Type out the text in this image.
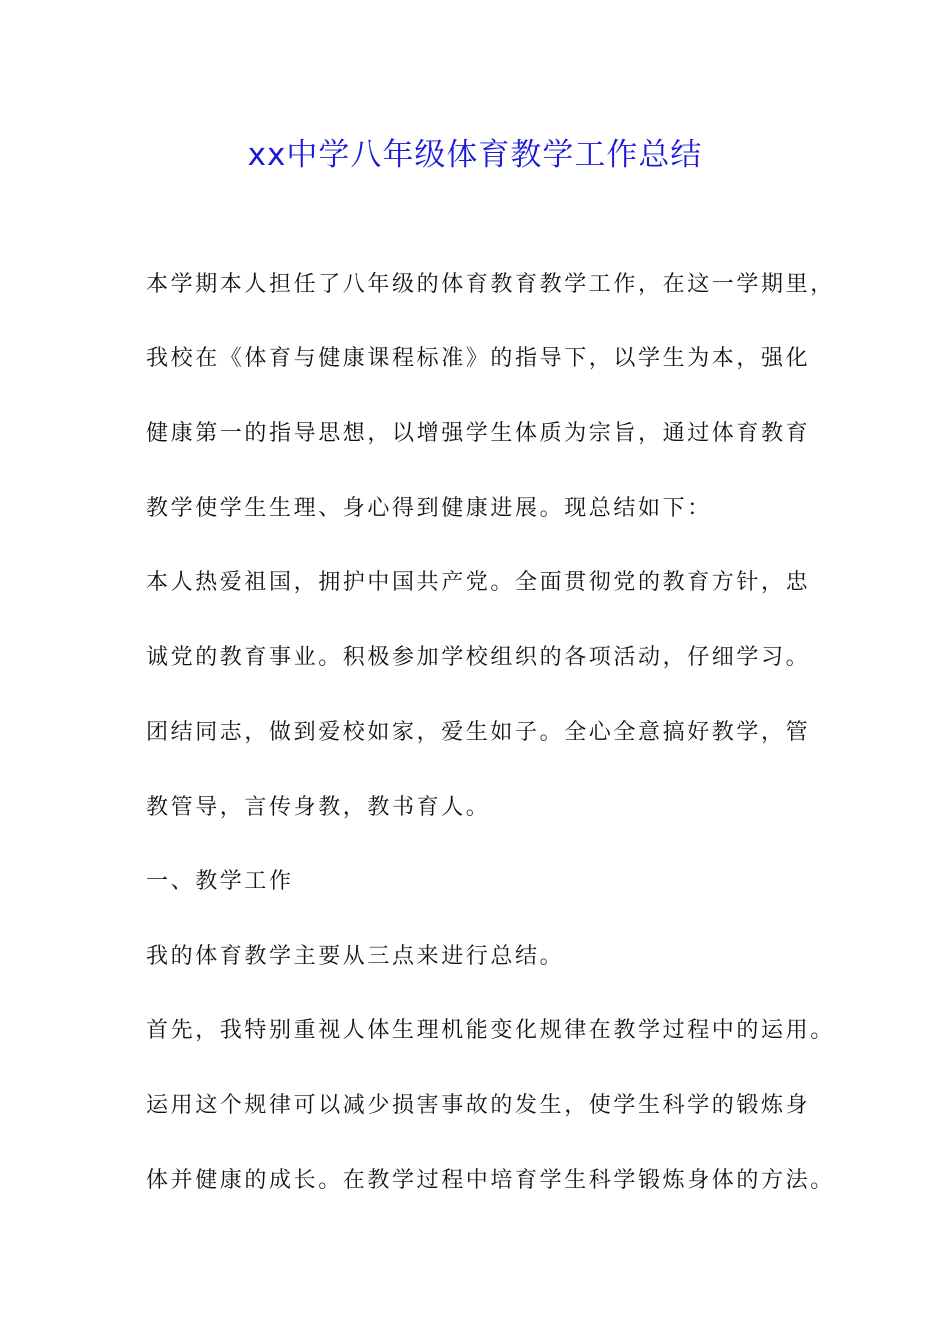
xx中学八年级体育教学工作总结
本学期本人担任了八年级的体育教育教学工作，在这一学期里，
我校在《体育与健康课程标准》的指导下，以学生为本，强化
健康第一的指导思想，以增强学生体质为宗旨，通过体育教育
教学使学生生理、身心得到健康进展。现总结如下：
本人热爱祖国，拥护中国共产党。全面贯彻党的教育方针，忠
诚党的教育事业。积极参加学校组织的各项活动，仔细学习。
团结同志，做到爱校如家，爱生如子。全心全意搞好教学，管
教管导，言传身教，教书育人。
一、教学工作
我的体育教学主要从三点来进行总结。
首先，我特别重视人体生理机能变化规律在教学过程中的运用。
运用这个规律可以减少损害事故的发生，使学生科学的锻炼身
体并健康的成长。在教学过程中培育学生科学锻炼身体的方法。
